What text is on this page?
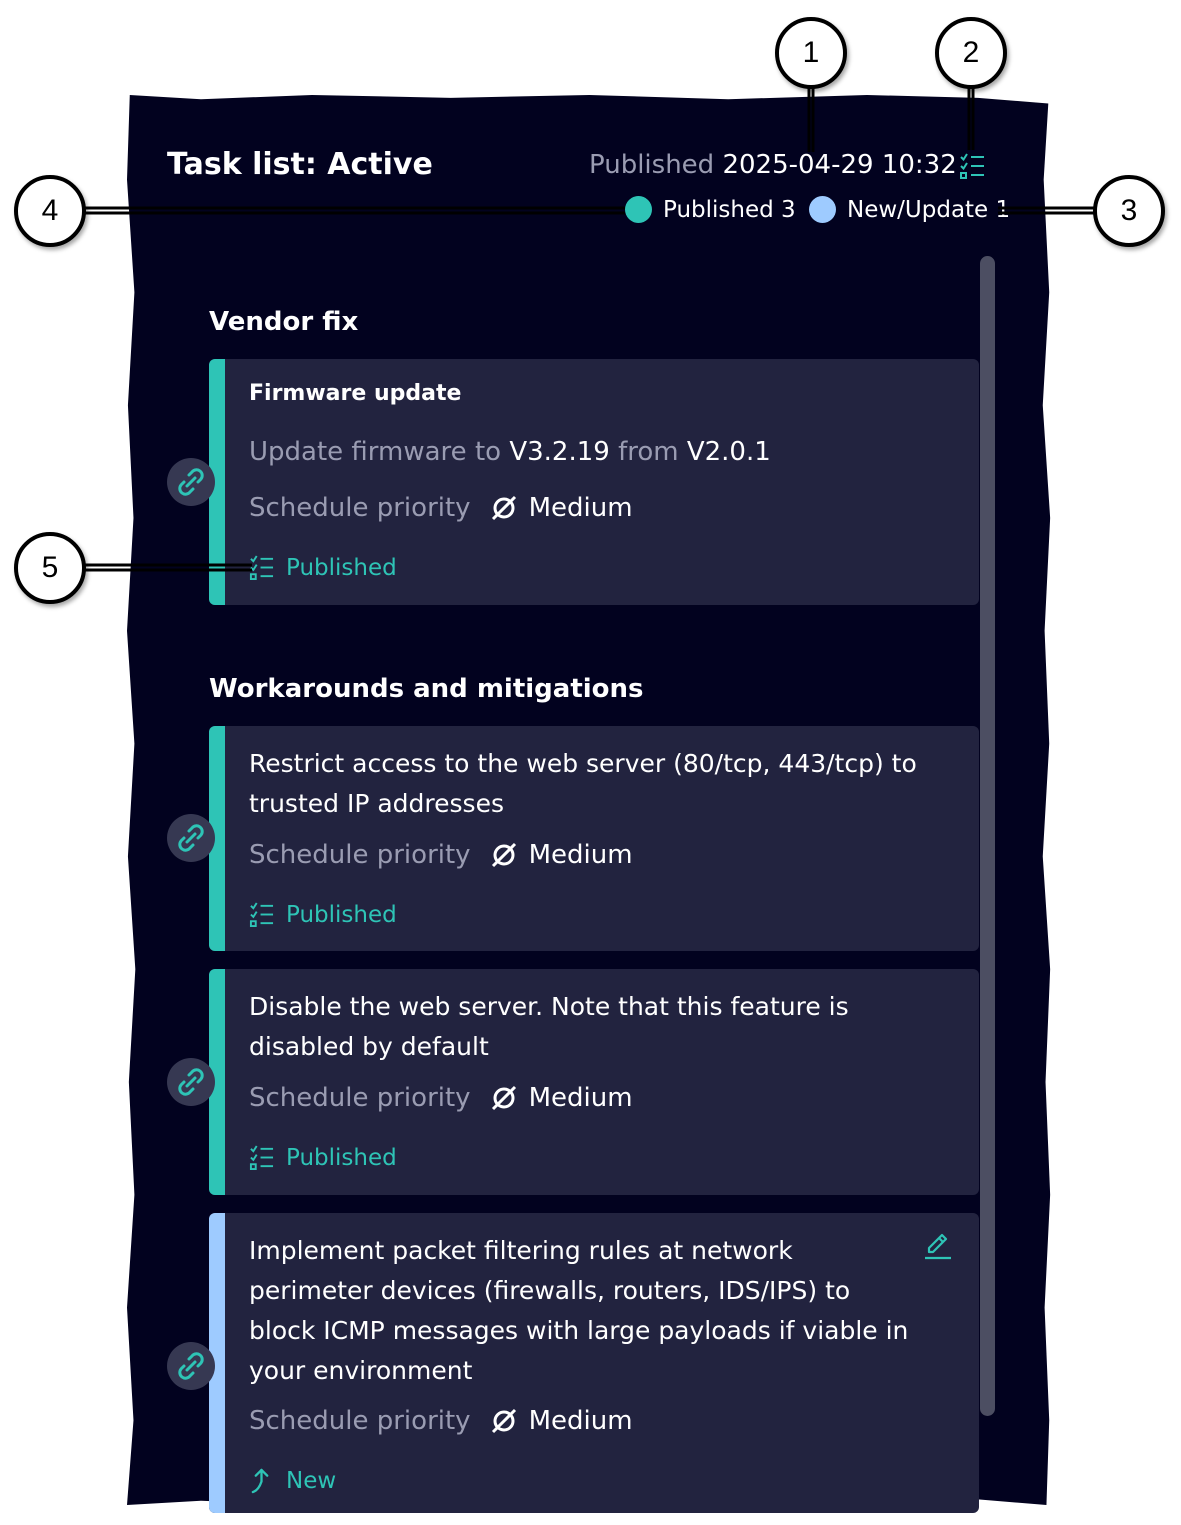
Task list: Active	Published 2025-04-29 10:32
Published 3 New/Update 1
Vendor fix
Firmware update
Update firmware to
V3.2.19
from
V2.0.1
Schedule priority Medium
Published
Workarounds and mitigations
Restrict access to the web server (80/tcp, 443/tcp) to trusted IP addresses
Schedule priority Medium
Published
Disable the web server. Note that this feature is disabled by default
Schedule priority Medium
Published
Implement packet filtering rules at network perimeter devices (firewalls, routers, IDS/IPS) to block ICMP messages with large payloads if viable in your environment
Schedule priority Medium
New
1	2
3
4
5
